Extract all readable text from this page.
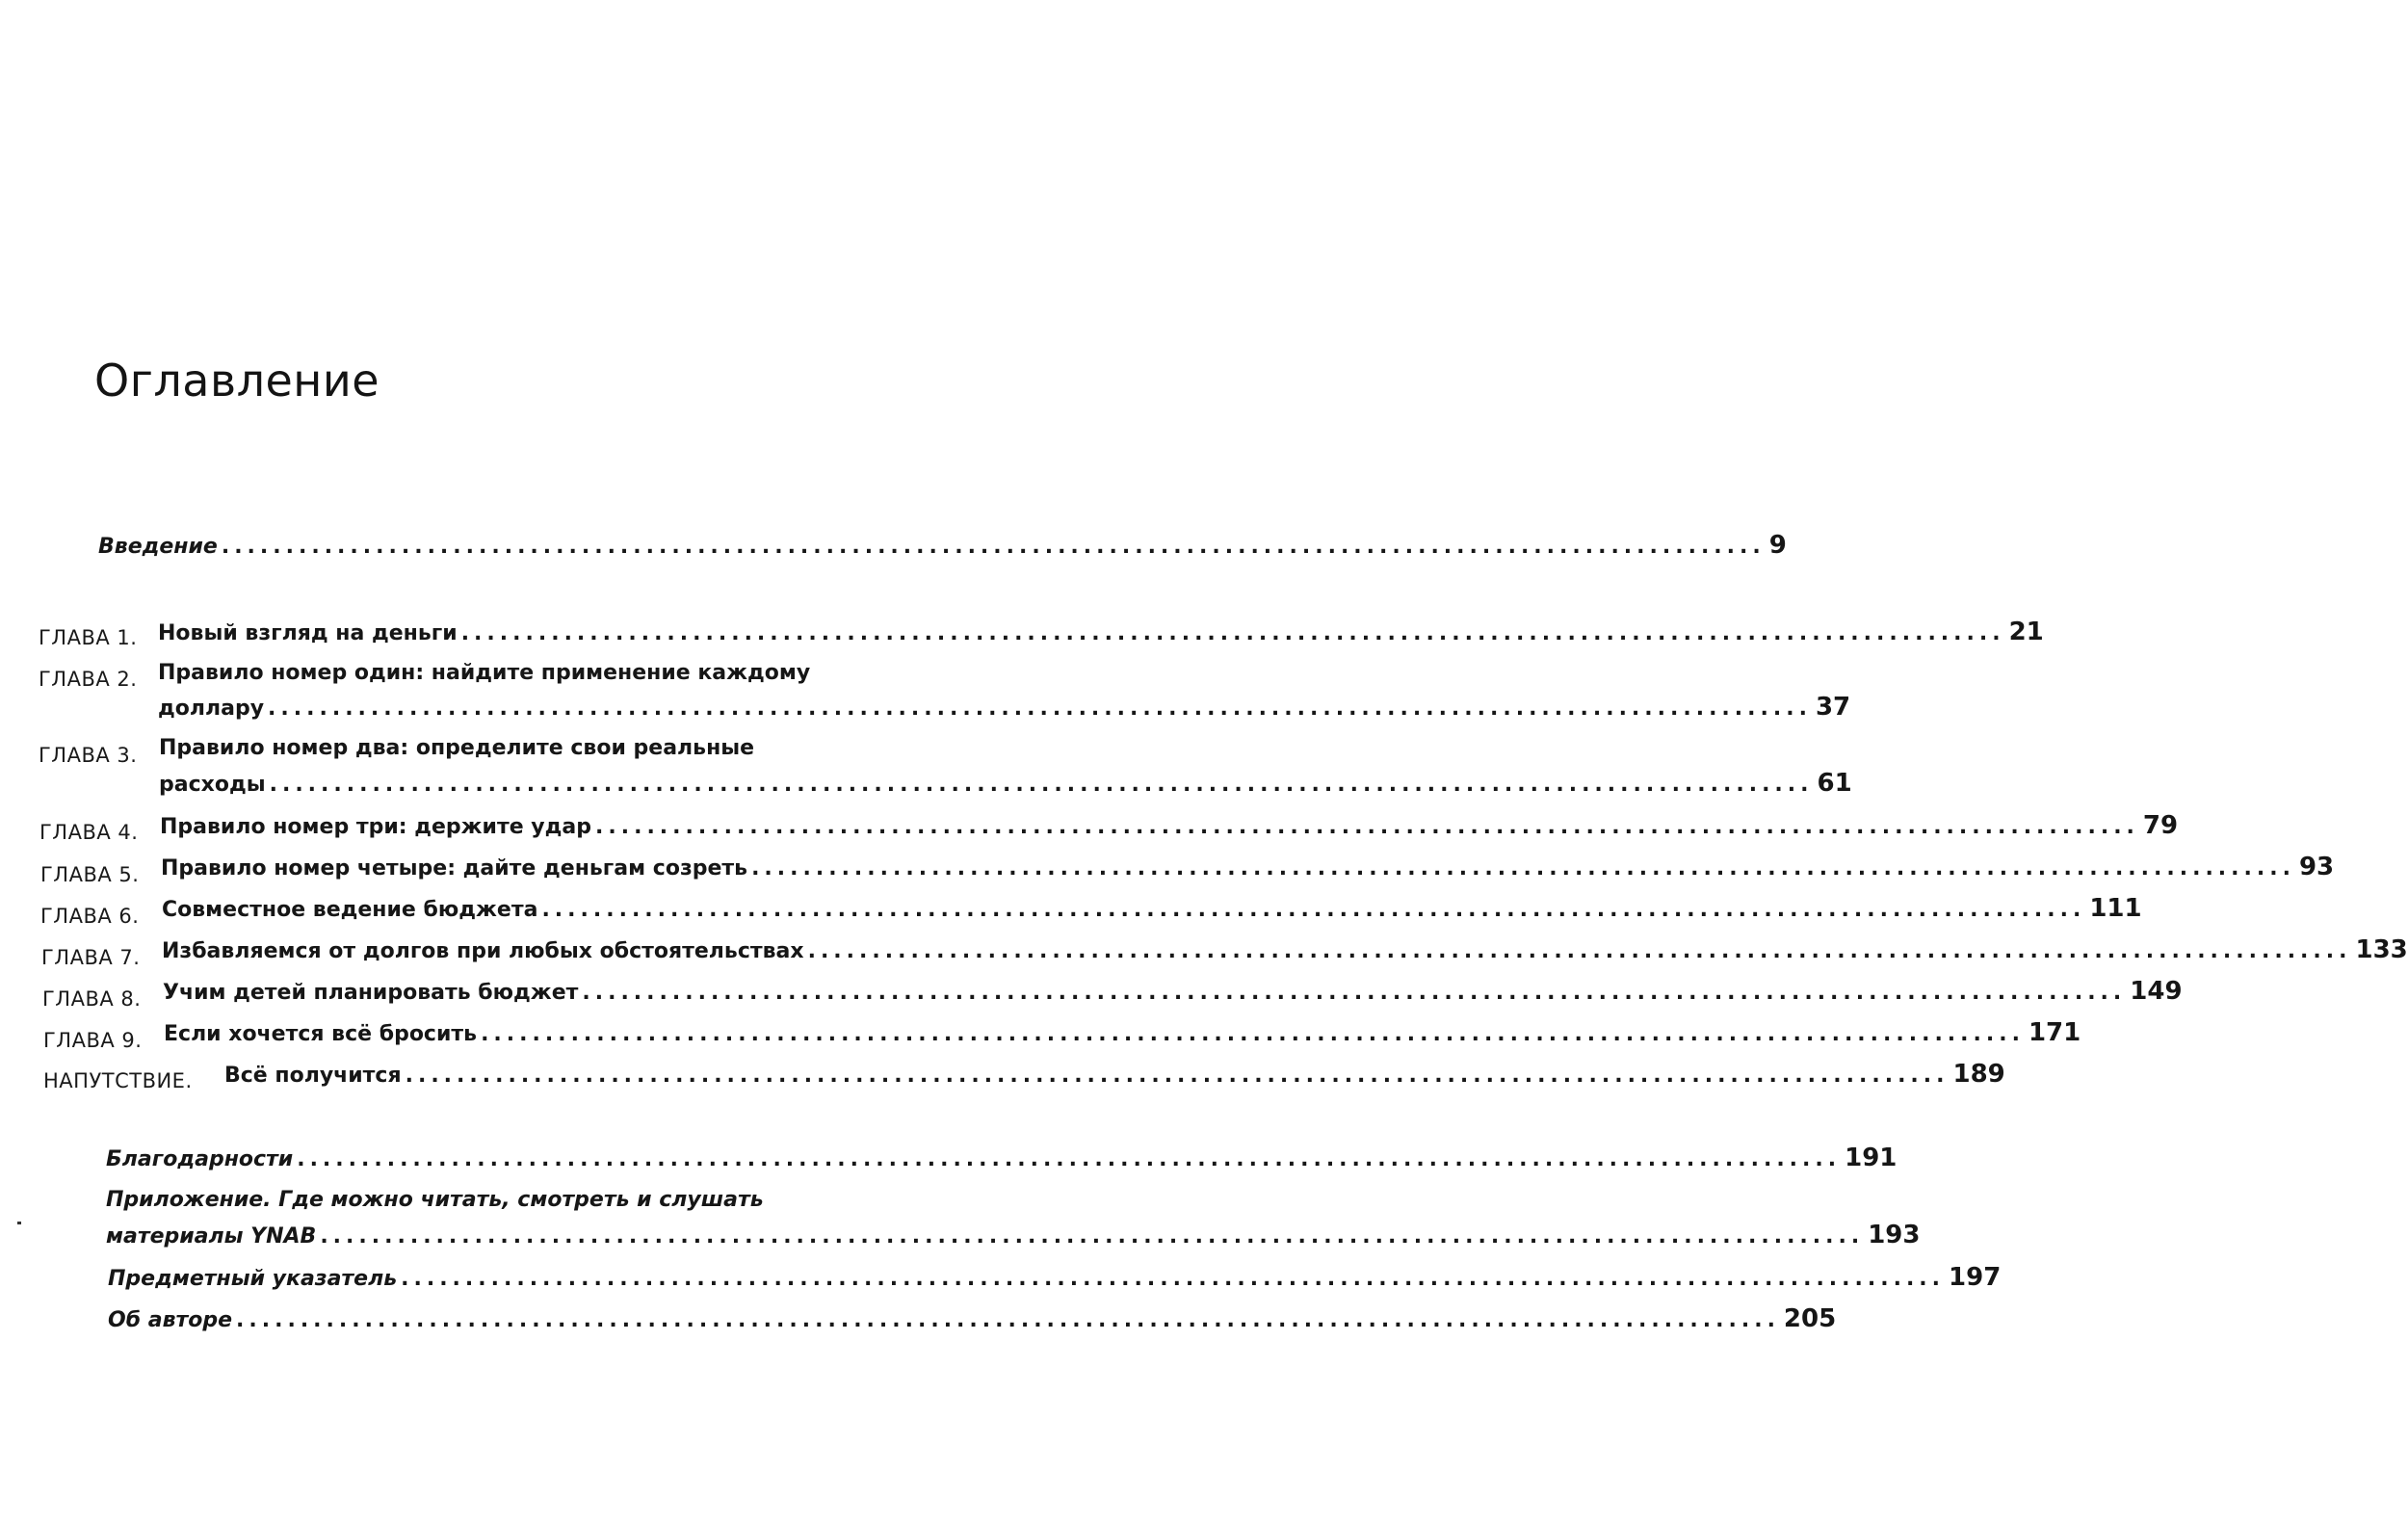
Оглавление
Введение ........................................................................................................................ 9
ГЛАВА 1. Новый взгляд на деньги ........................................................................................................................ 21
ГЛАВА 2. Правило номер один: найдите применение каждому
доллару ........................................................................................................................ 37
ГЛАВА 3. Правило номер два: определите свои реальные
расходы ........................................................................................................................ 61
ГЛАВА 4. Правило номер три: держите удар ........................................................................................................................ 79
ГЛАВА 5. Правило номер четыре: дайте деньгам созреть ........................................................................................................................ 93
ГЛАВА 6. Совместное ведение бюджета ........................................................................................................................ 111
ГЛАВА 7. Избавляемся от долгов при любых обстоятельствах ........................................................................................................................ 133
ГЛАВА 8. Учим детей планировать бюджет ........................................................................................................................ 149
ГЛАВА 9. Если хочется всё бросить ........................................................................................................................ 171
НАПУТСТВИЕ. Всё получится ........................................................................................................................ 189
Благодарности ........................................................................................................................ 191
Приложение. Где можно читать, смотреть и слушать
материалы YNAB ........................................................................................................................ 193
Предметный указатель ........................................................................................................................ 197
Об авторе ........................................................................................................................ 205
